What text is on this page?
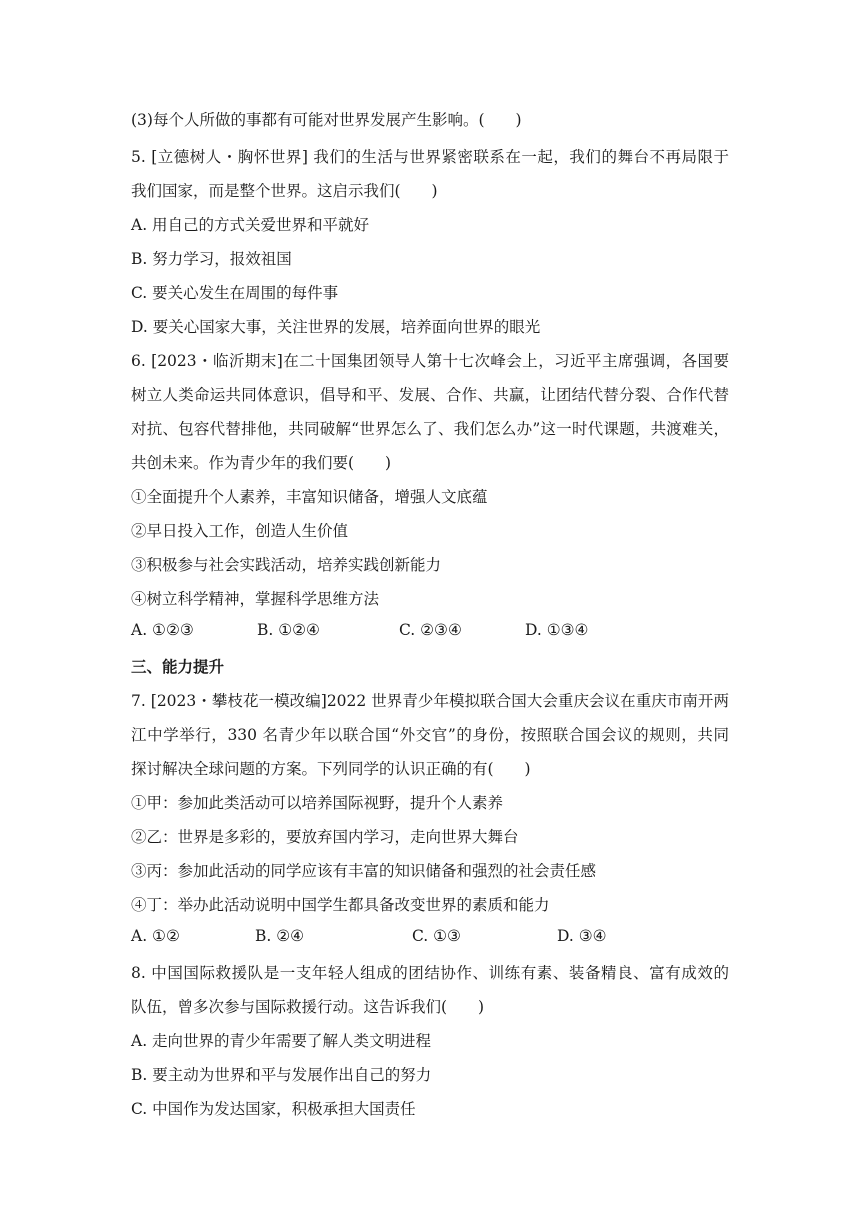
(3)每个人所做的事都有可能对世界发展产生影响。(　　)
5. [立德树人・胸怀世界] 我们的生活与世界紧密联系在一起，我们的舞台不再局限于
我们国家，而是整个世界。这启示我们(　　)
A. 用自己的方式关爱世界和平就好
B. 努力学习，报效祖国
C. 要关心发生在周围的每件事
D. 要关心国家大事，关注世界的发展，培养面向世界的眼光
6. [2023・临沂期末]在二十国集团领导人第十七次峰会上，习近平主席强调，各国要
树立人类命运共同体意识，倡导和平、发展、合作、共赢，让团结代替分裂、合作代替
对抗、包容代替排他，共同破解“世界怎么了、我们怎么办”这一时代课题，共渡难关，
共创未来。作为青少年的我们要(　　)
①全面提升个人素养，丰富知识储备，增强人文底蕴
②早日投入工作，创造人生价值
③积极参与社会实践活动，培养实践创新能力
④树立科学精神，掌握科学思维方法
A. ①②③	B. ①②④	C. ②③④	D. ①③④
三、能力提升
7. [2023・攀枝花一模改编]2022 世界青少年模拟联合国大会重庆会议在重庆市南开两
江中学举行，330 名青少年以联合国“外交官”的身份，按照联合国会议的规则，共同
探讨解决全球问题的方案。下列同学的认识正确的有(　　)
①甲：参加此类活动可以培养国际视野，提升个人素养
②乙：世界是多彩的，要放弃国内学习，走向世界大舞台
③丙：参加此活动的同学应该有丰富的知识储备和强烈的社会责任感
④丁：举办此活动说明中国学生都具备改变世界的素质和能力
A. ①②	B. ②④	C. ①③	D. ③④
8. 中国国际救援队是一支年轻人组成的团结协作、训练有素、装备精良、富有成效的
队伍，曾多次参与国际救援行动。这告诉我们(　　)
A. 走向世界的青少年需要了解人类文明进程
B. 要主动为世界和平与发展作出自己的努力
C. 中国作为发达国家，积极承担大国责任
